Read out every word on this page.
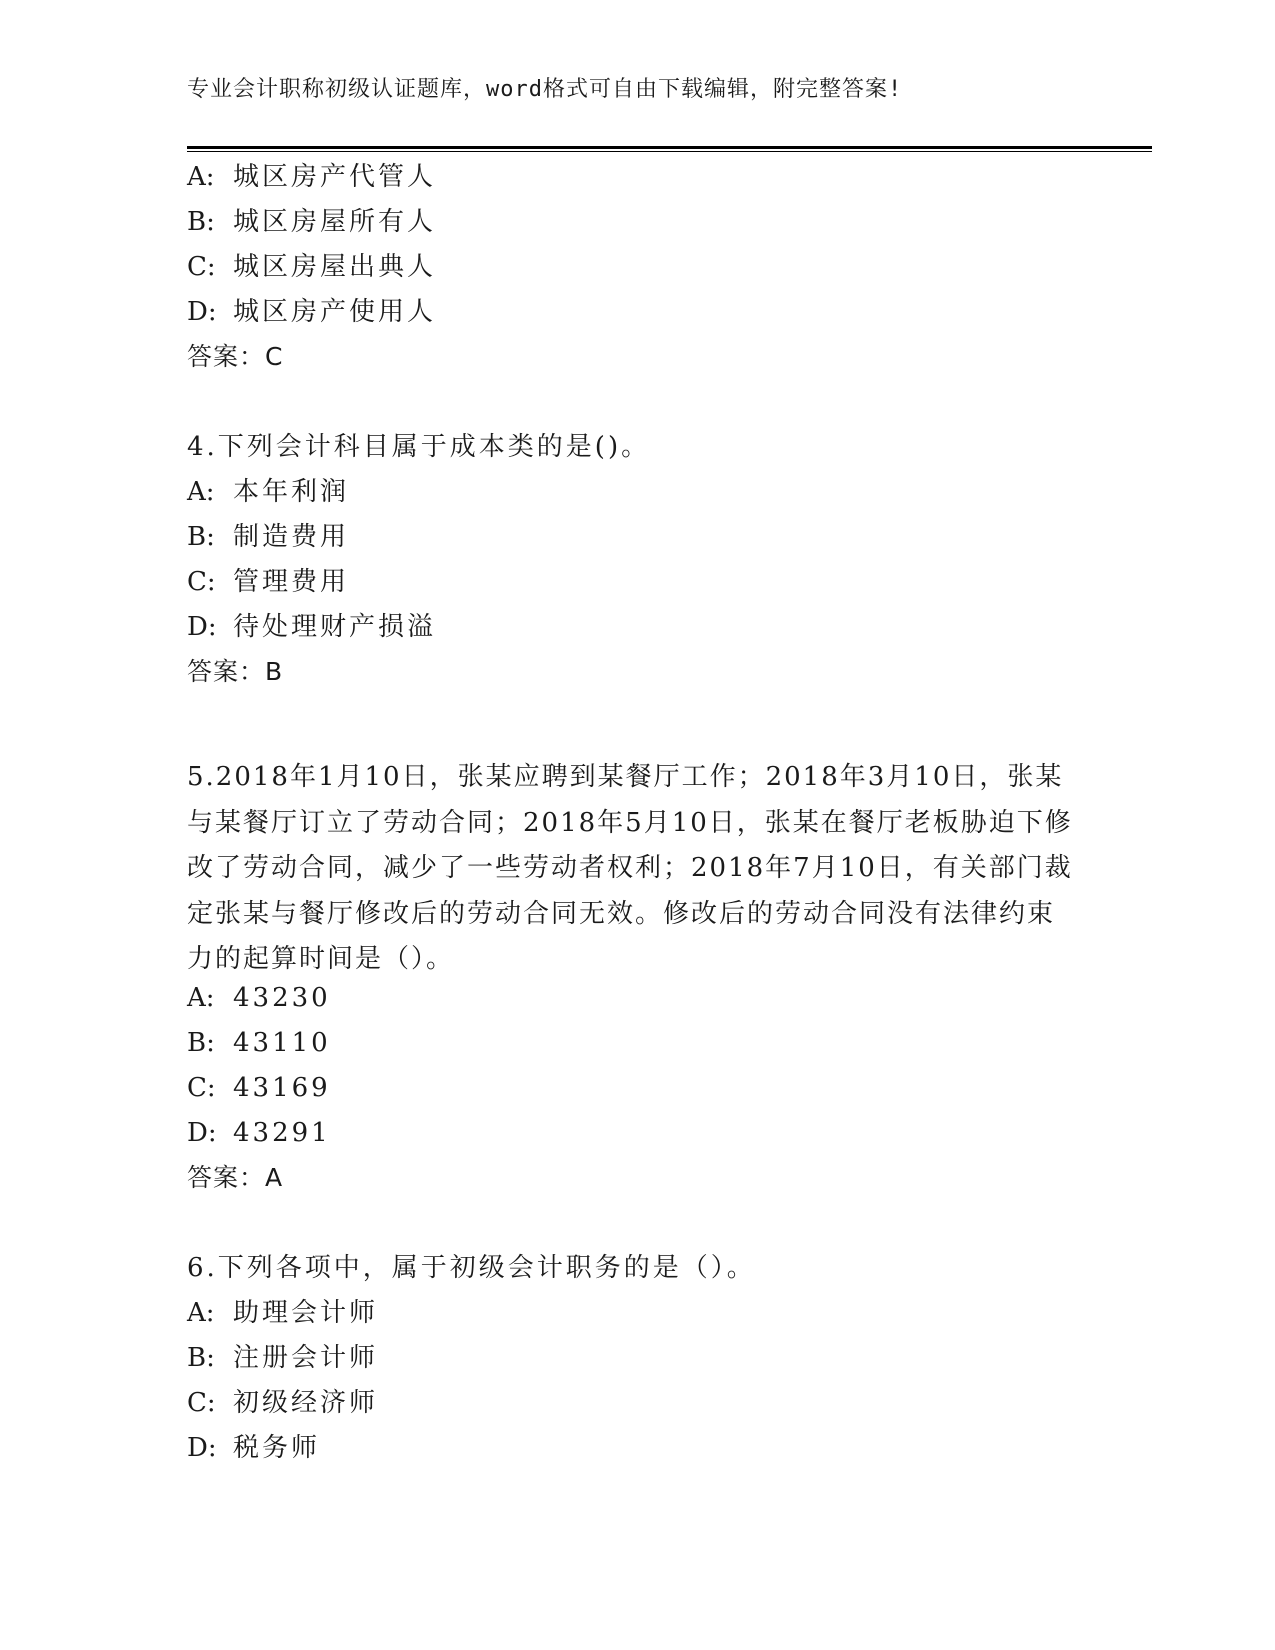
专业会计职称初级认证题库，word格式可自由下载编辑，附完整答案!
A: 城区房产代管人
B: 城区房屋所有人
C: 城区房屋出典人
D: 城区房产使用人
答案：C
4.下列会计科目属于成本类的是()。
A: 本年利润
B: 制造费用
C: 管理费用
D: 待处理财产损溢
答案：B
5.2018年1月10日，张某应聘到某餐厅工作；2018年3月10日，张某与某餐厅订立了劳动合同；2018年5月10日，张某在餐厅老板胁迫下修改了劳动合同，减少了一些劳动者权利；2018年7月10日，有关部门裁定张某与餐厅修改后的劳动合同无效。修改后的劳动合同没有法律约束力的起算时间是（）。
A: 43230
B: 43110
C: 43169
D: 43291
答案：A
6.下列各项中，属于初级会计职务的是（）。
A: 助理会计师
B: 注册会计师
C: 初级经济师
D: 税务师
